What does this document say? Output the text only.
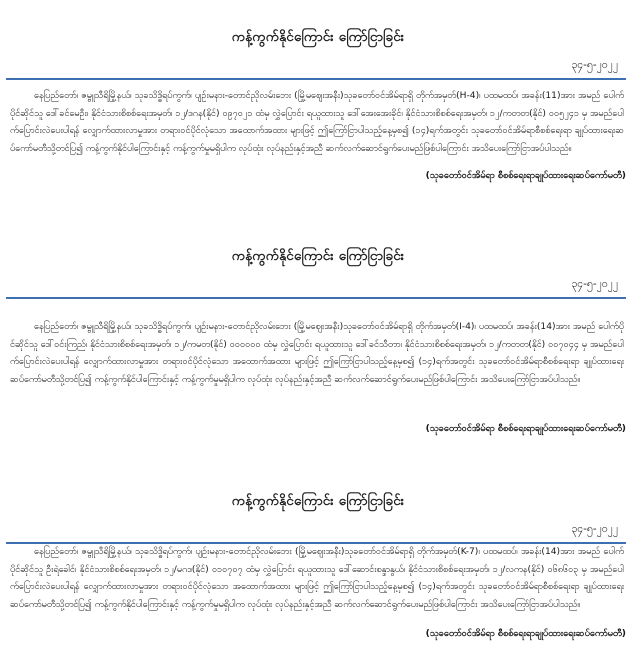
ကန့်ကွက်နိုင်ကြောင်း ကြော်ငြာခြင်း
၃၄-၅-၂၀၂၂

နေပြည်တော်၊ ဇမ္ဗူသီရိမြို့နယ်၊ သုခသိဒ္ဓိရပ်ကွက်၊ ပျဉ်းမနား-တောင်ညိုလမ်းဘေး (မြို့မဈေးအနီး)သုခတော်ဝင်အိမ်ရာရှိ တိုက်အမှတ်(H-4)၊ ပထမထပ်၊ အခန်း(11)အား အမည် ပေါက်ပိုင်ဆိုင်သူ ဒေါ်ခင်မေဦး၊ နိုင်ငံသားစိစစ်ရေးအမှတ်၊ ၁၂/ဒဂန(နိုင်) ၀၉၇၀၂၁ ထံမှ လွှဲပြောင်း ရယူထားသူ ဒေါ်အေးအေးခိုင်၊ နိုင်ငံသားစိစစ်ရေးအမှတ်၊ ၁၂/ကတတ(နိုင်) ၀၀၅၂၄၁ မှ အမည်ပေါက်ပြောင်းလဲပေးပါရန် လျှောက်ထားလာမှုအား တရားဝင်ပိုင်လုံသော အထောက်အထား များဖြင့် ဤကြော်ငြာပါသည့်နေ့မှစ၍ (၁၄)ရက်အတွင်း သုခတော်ဝင်အိမ်ရာစီစစ်ရေးရာ ချုပ်ထားရေးဆပ်ကော်မတီသို့တင်ပြ၍ ကန့်ကွက်နိုင်ပါကြောင်းနှင့် ကန့်ကွက်မှုမရှိပါက လုပ်ထုံး လုပ်နည်းနှင့်အညီ ဆက်လက်ဆောင်ရွက်ပေးမည်ဖြစ်ပါကြောင်း အသိပေးကြော်ငြာအပ်ပါသည်။

(သုခတော်ဝင်အိမ်ရာ စီစစ်ရေးရာချုပ်ထားရေးဆပ်ကော်မတီ)
ကန့်ကွက်နိုင်ကြောင်း ကြော်ငြာခြင်း
၃၄-၅-၂၀၂၂

နေပြည်တော်၊ ဇမ္ဗူသီရိမြို့နယ်၊ သုခသိဒ္ဓိရပ်ကွက်၊ ပျဉ်းမနား-တောင်ညိုလမ်းဘေး (မြို့မဈေးအနီး)သုခတော်ဝင်အိမ်ရာရှိ တိုက်အမှတ်(I-4)၊ ပထမထပ်၊ အခန်း(14)အား အမည် ပေါက်ပိုင်ဆိုင်သူ ဒေါ်ဝင်းကြည်၊ နိုင်ငံသားစိစစ်ရေးအမှတ်၊ ၁၂/ကမတ(နိုင်) ၀၀၀၀၀၀ ထံမှ လွှဲပြောင်း ရယူထားသူ ဒေါ်ခင်သီတာ၊ နိုင်ငံသားစိစစ်ရေးအမှတ်၊ ၁၂/ကတတ(နိုင်) ၀၀၇၀၄၄ မှ အမည်ပေါက်ပြောင်းလဲပေးပါရန် လျှောက်ထားလာမှုအား တရားဝင်ပိုင်လုံသော အထောက်အထား များဖြင့် ဤကြော်ငြာပါသည့်နေ့မှစ၍ (၁၄)ရက်အတွင်း သုခတော်ဝင်အိမ်ရာစီစစ်ရေးရာ ချုပ်ထားရေး ဆပ်ကော်မတီသို့တင်ပြ၍ ကန့်ကွက်နိုင်ပါကြောင်းနှင့် ကန့်ကွက်မှုမရှိပါက လုပ်ထုံး လုပ်နည်းနှင့်အညီ ဆက်လက်ဆောင်ရွက်ပေးမည်ဖြစ်ပါကြောင်း အသိပေးကြော်ငြာအပ်ပါသည်။

(သုခတော်ဝင်အိမ်ရာ စီစစ်ရေးရာချုပ်ထားရေးဆပ်ကော်မတီ)
ကန့်ကွက်နိုင်ကြောင်း ကြော်ငြာခြင်း
၃၄-၅-၂၀၂၂

နေပြည်တော်၊ ဇမ္ဗူသီရိမြို့နယ်၊ သုခသိဒ္ဓိရပ်ကွက်၊ ပျဉ်းမနား-တောင်ညိုလမ်းဘေး (မြို့မဈေးအနီး)သုခတော်ဝင်အိမ်ရာရှိ တိုက်အမှတ်(K-7)၊ ပထမထပ်၊ အခန်း(14)အား အမည် ပေါက်ပိုင်ဆိုင်သူ ဦးရဲခေါင်၊ နိုင်ငံသားစိစစ်ရေးအမှတ်၊ ၁၂/မဂဒ(နိုင်) ၀၁၀၇၀၇ ထံမှ လွှဲပြောင်း ရယူထားသူ ဒေါ်ဆောင်းစန္ဒာနွယ်၊ နိုင်ငံသားစိစစ်ရေးအမှတ်၊ ၁၂/လကန(နိုင်) ၀၆၈၆၀၃ မှ အမည်ပေါက်ပြောင်းလဲပေးပါရန် လျှောက်ထားလာမှုအား တရားဝင်ပိုင်လုံသော အထောက်အထား များဖြင့် ဤကြော်ငြာပါသည့်နေ့မှစ၍ (၁၄)ရက်အတွင်း သုခတော်ဝင်အိမ်ရာစီစစ်ရေးရာ ချုပ်ထားရေး ဆပ်ကော်မတီသို့တင်ပြ၍ ကန့်ကွက်နိုင်ပါကြောင်းနှင့် ကန့်ကွက်မှုမရှိပါက လုပ်ထုံး လုပ်နည်းနှင့်အညီ ဆက်လက်ဆောင်ရွက်ပေးမည်ဖြစ်ပါကြောင်း အသိပေးကြော်ငြာအပ်ပါသည်။

(သုခတော်ဝင်အိမ်ရာ စီစစ်ရေးရာချုပ်ထားရေးဆပ်ကော်မတီ)
